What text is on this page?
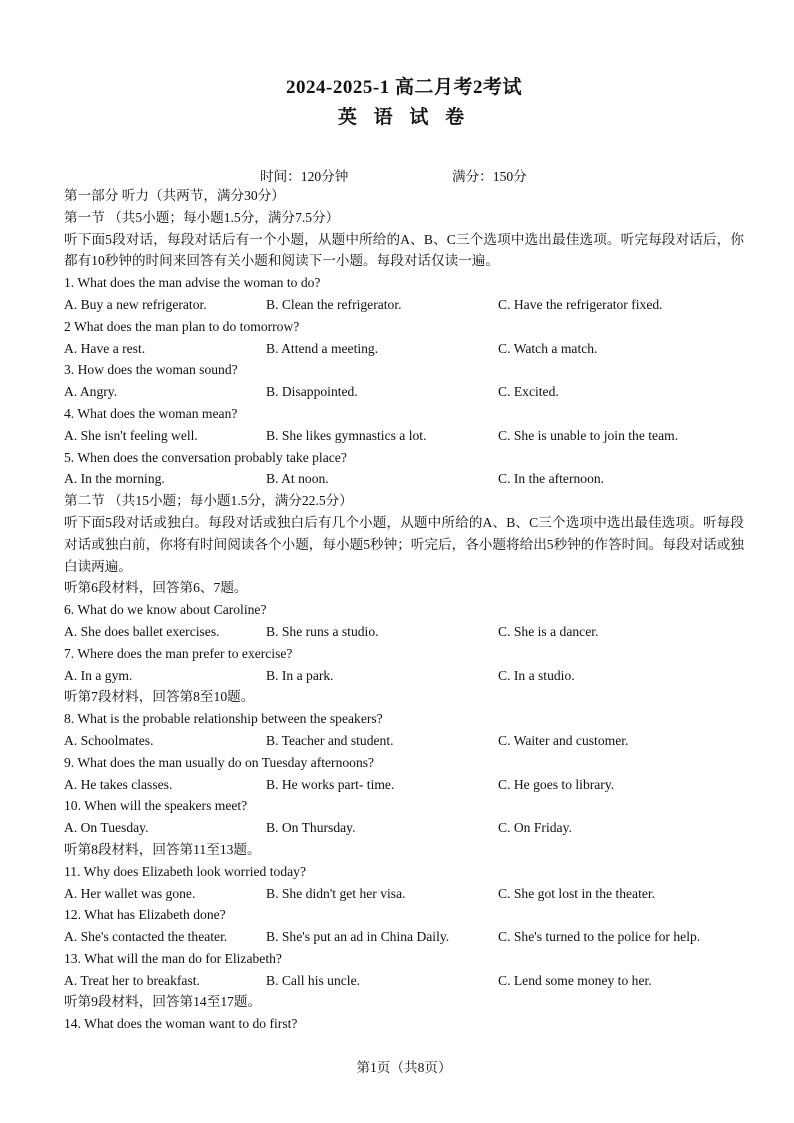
2024-2025-1 高二月考2考试
英 语 试 卷
时间：120分钟	满分：150分
第一部分 听力（共两节，满分30分）
第一节 （共5小题；每小题1.5分，满分7.5分）
听下面5段对话，每段对话后有一个小题，从题中所给的A、B、C三个选项中选出最佳选项。听完每段对话后，你都有10秒钟的时间来回答有关小题和阅读下一小题。每段对话仅读一遍。
1. What does the man advise the woman to do?
A. Buy a new refrigerator.	B. Clean the refrigerator.	C. Have the refrigerator fixed.
2 What does the man plan to do tomorrow?
A. Have a rest.	B. Attend a meeting.	C. Watch a match.
3. How does the woman sound?
A. Angry.	B. Disappointed.	C. Excited.
4. What does the woman mean?
A. She isn't feeling well.	B. She likes gymnastics a lot.	C. She is unable to join the team.
5. When does the conversation probably take place?
A. In the morning.	B. At noon.	C. In the afternoon.
第二节 （共15小题；每小题1.5分，满分22.5分）
听下面5段对话或独白。每段对话或独白后有几个小题，从题中所给的A、B、C三个选项中选出最佳选项。听每段对话或独白前，你将有时间阅读各个小题，每小题5秒钟；听完后，各小题将给出5秒钟的作答时间。每段对话或独白读两遍。
听第6段材料，回答第6、7题。
6. What do we know about Caroline?
A. She does ballet exercises.	B. She runs a studio.	C. She is a dancer.
7. Where does the man prefer to exercise?
A. In a gym.	B. In a park.	C. In a studio.
听第7段材料，回答第8至10题。
8. What is the probable relationship between the speakers?
A. Schoolmates.	B. Teacher and student.	C. Waiter and customer.
9. What does the man usually do on Tuesday afternoons?
A. He takes classes.	B. He works part- time.	C. He goes to library.
10. When will the speakers meet?
A. On Tuesday.	B. On Thursday.	C. On Friday.
听第8段材料，回答第11至13题。
11. Why does Elizabeth look worried today?
A. Her wallet was gone.	B. She didn't get her visa.	C. She got lost in the theater.
12. What has Elizabeth done?
A. She's contacted the theater.	B. She's put an ad in China Daily.	C. She's turned to the police for help.
13. What will the man do for Elizabeth?
A. Treat her to breakfast.	B. Call his uncle.	C. Lend some money to her.
听第9段材料，回答第14至17题。
14. What does the woman want to do first?
第1页（共8页）
